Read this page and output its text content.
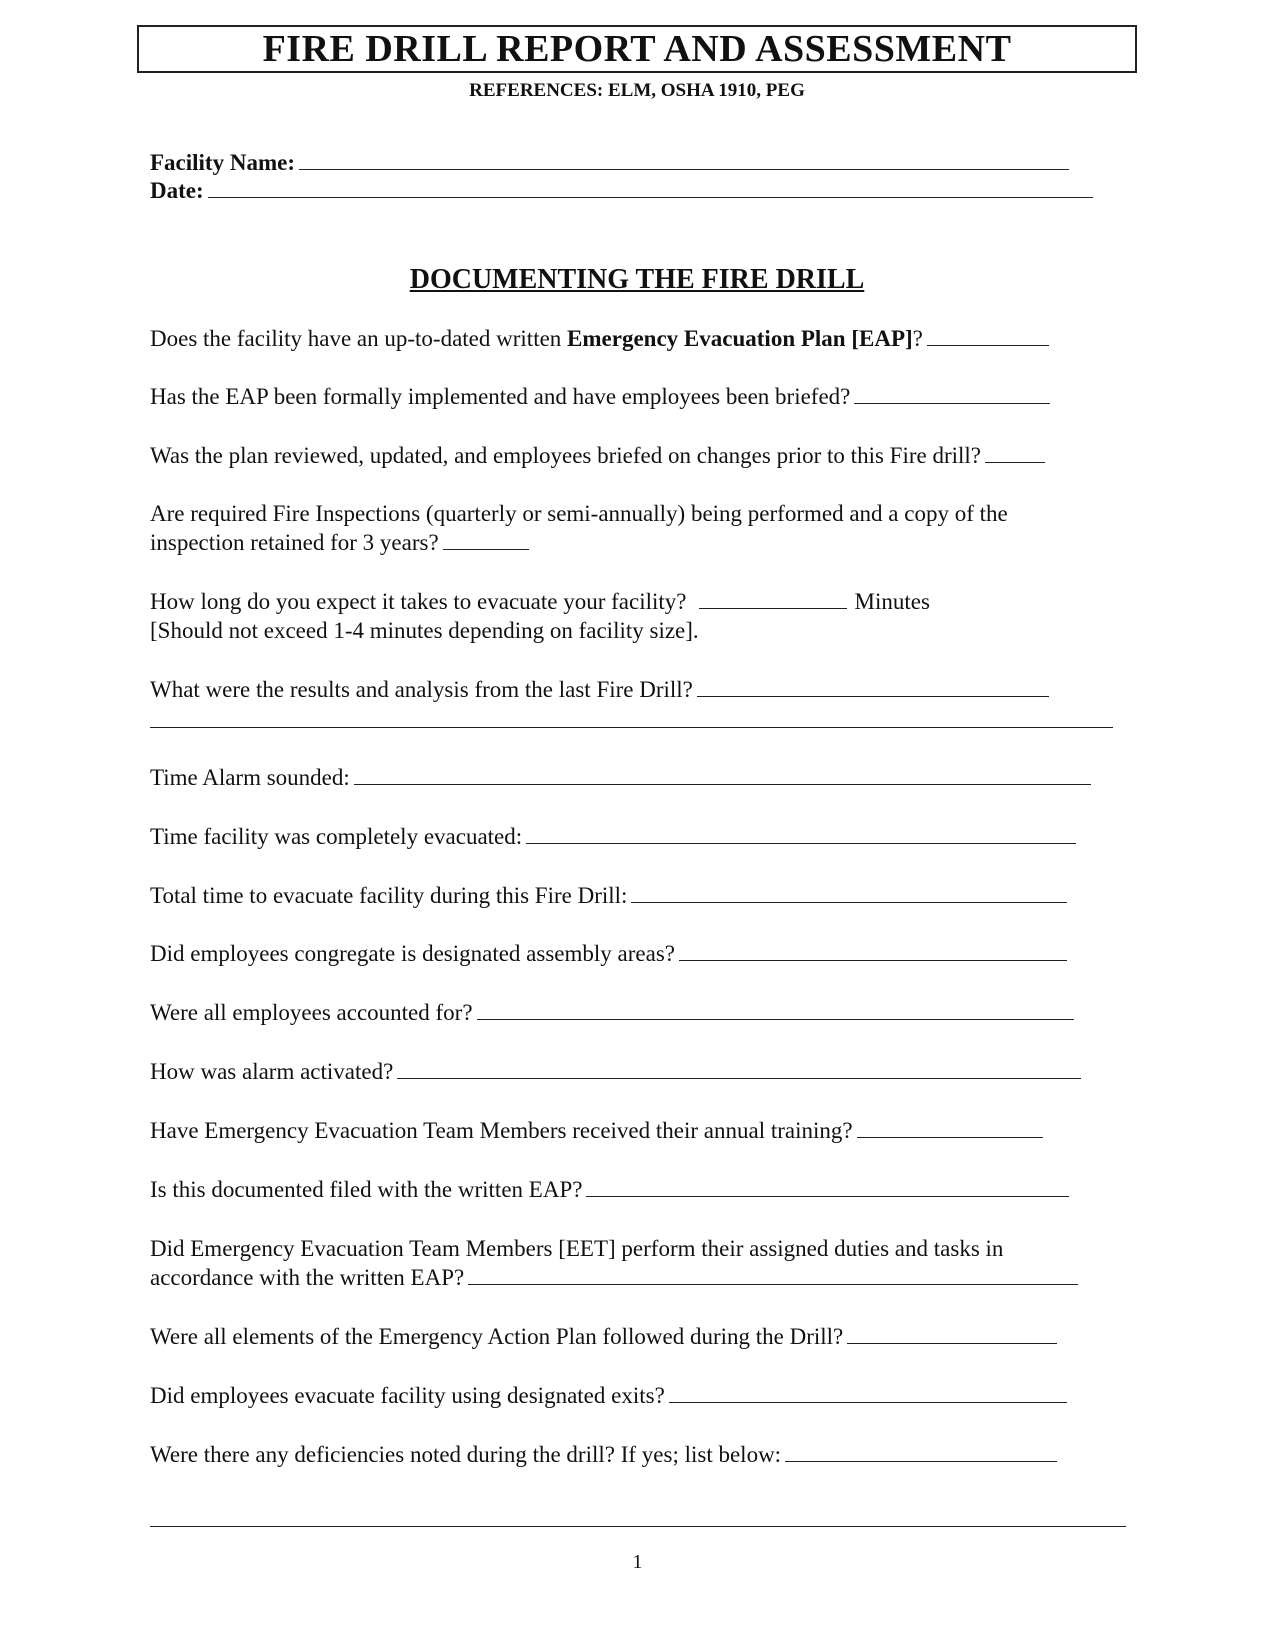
FIRE DRILL REPORT AND ASSESSMENT
REFERENCES: ELM, OSHA 1910, PEG
Facility Name:
Date:
DOCUMENTING THE FIRE DRILL
Does the facility have an up-to-dated written Emergency Evacuation Plan [EAP]?
Has the EAP been formally implemented and have employees been briefed?
Was the plan reviewed, updated, and employees briefed on changes prior to this Fire drill?
Are required Fire Inspections (quarterly or semi-annually) being performed and a copy of the
inspection retained for 3 years?
How long do you expect it takes to evacuate your facility?	Minutes
[Should not exceed 1-4 minutes depending on facility size].
What were the results and analysis from the last Fire Drill?
Time Alarm sounded:
Time facility was completely evacuated:
Total time to evacuate facility during this Fire Drill:
Did employees congregate is designated assembly areas?
Were all employees accounted for?
How was alarm activated?
Have Emergency Evacuation Team Members received their annual training?
Is this documented filed with the written EAP?
Did Emergency Evacuation Team Members [EET] perform their assigned duties and tasks in
accordance with the written EAP?
Were all elements of the Emergency Action Plan followed during the Drill?
Did employees evacuate facility using designated exits?
Were there any deficiencies noted during the drill? If yes; list below:
1
